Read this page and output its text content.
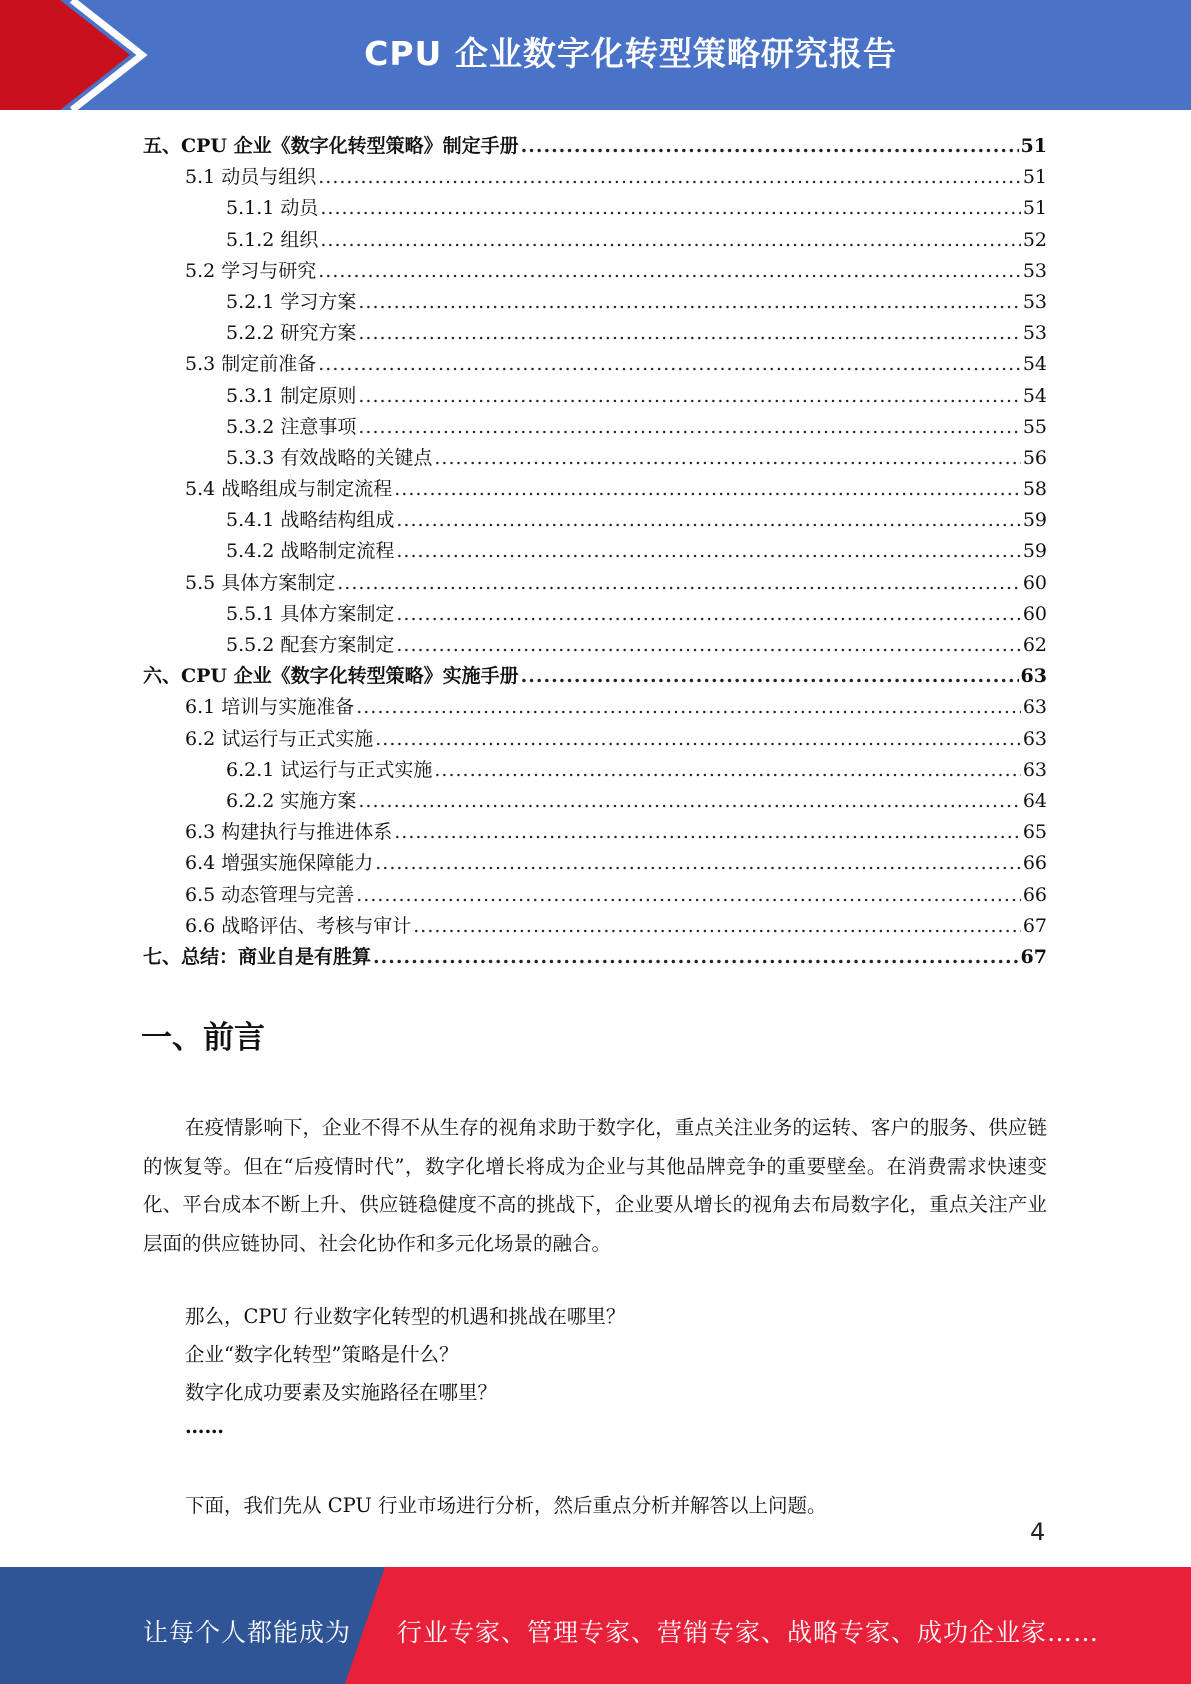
CPU 企业数字化转型策略研究报告
五、CPU 企业《数字化转型策略》制定手册 .....	51
5.1 动员与组织 .....	51
5.1.1 动员 .....	51
5.1.2 组织 .....	52
5.2 学习与研究 .....	53
5.2.1 学习方案 .....	53
5.2.2 研究方案 .....	53
5.3 制定前准备 .....	54
5.3.1 制定原则 .....	54
5.3.2 注意事项 .....	55
5.3.3 有效战略的关键点 .....	56
5.4 战略组成与制定流程 .....	58
5.4.1 战略结构组成 .....	59
5.4.2 战略制定流程 .....	59
5.5 具体方案制定 .....	60
5.5.1 具体方案制定 .....	60
5.5.2 配套方案制定 .....	62
六、CPU 企业《数字化转型策略》实施手册 .....	63
6.1 培训与实施准备 .....	63
6.2 试运行与正式实施 .....	63
6.2.1 试运行与正式实施 .....	63
6.2.2 实施方案 .....	64
6.3 构建执行与推进体系 .....	65
6.4 增强实施保障能力 .....	66
6.5 动态管理与完善 .....	66
6.6 战略评估、考核与审计 .....	67
七、总结：商业自是有胜算 .....	67
一、前言
在疫情影响下，企业不得不从生存的视角求助于数字化，重点关注业务的运转、客户的服务、供应链的恢复等。但在“后疫情时代”，数字化增长将成为企业与其他品牌竞争的重要壁垒。在消费需求快速变化、平台成本不断上升、供应链稳健度不高的挑战下，企业要从增长的视角去布局数字化，重点关注产业层面的供应链协同、社会化协作和多元化场景的融合。
那么，CPU 行业数字化转型的机遇和挑战在哪里？
企业“数字化转型”策略是什么？
数字化成功要素及实施路径在哪里？
……
下面，我们先从 CPU 行业市场进行分析，然后重点分析并解答以上问题。
4
让每个人都能成为 行业专家、管理专家、营销专家、战略专家、成功企业家……
